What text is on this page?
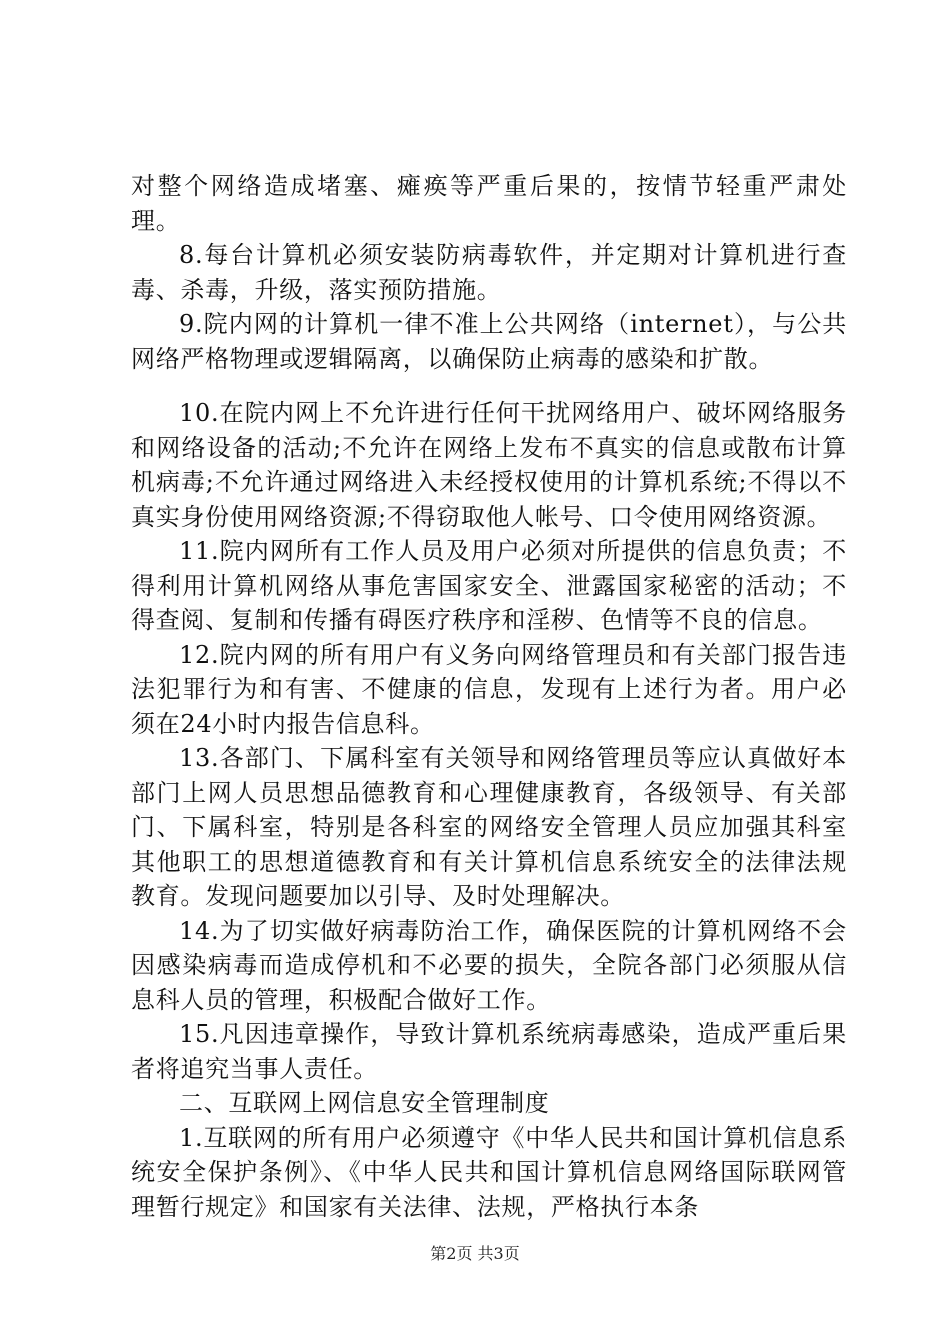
对整个网络造成堵塞、瘫痪等严重后果的，按情节轻重严肃处理。

8.每台计算机必须安装防病毒软件，并定期对计算机进行查毒、杀毒，升级，落实预防措施。

9.院内网的计算机一律不准上公共网络（internet），与公共网络严格物理或逻辑隔离，以确保防止病毒的感染和扩散。

10.在院内网上不允许进行任何干扰网络用户、破坏网络服务和网络设备的活动;不允许在网络上发布不真实的信息或散布计算机病毒;不允许通过网络进入未经授权使用的计算机系统;不得以不真实身份使用网络资源;不得窃取他人帐号、口令使用网络资源。

11.院内网所有工作人员及用户必须对所提供的信息负责；不得利用计算机网络从事危害国家安全、泄露国家秘密的活动；不得查阅、复制和传播有碍医疗秩序和淫秽、色情等不良的信息。

12.院内网的所有用户有义务向网络管理员和有关部门报告违法犯罪行为和有害、不健康的信息，发现有上述行为者。用户必须在24小时内报告信息科。

13.各部门、下属科室有关领导和网络管理员等应认真做好本部门上网人员思想品德教育和心理健康教育，各级领导、有关部门、下属科室，特别是各科室的网络安全管理人员应加强其科室其他职工的思想道德教育和有关计算机信息系统安全的法律法规教育。发现问题要加以引导、及时处理解决。

14.为了切实做好病毒防治工作，确保医院的计算机网络不会因感染病毒而造成停机和不必要的损失，全院各部门必须服从信息科人员的管理，积极配合做好工作。

15.凡因违章操作，导致计算机系统病毒感染，造成严重后果者将追究当事人责任。

二、互联网上网信息安全管理制度

1.互联网的所有用户必须遵守《中华人民共和国计算机信息系统安全保护条例》、《中华人民共和国计算机信息网络国际联网管理暂行规定》和国家有关法律、法规，严格执行本条

第2页 共3页
